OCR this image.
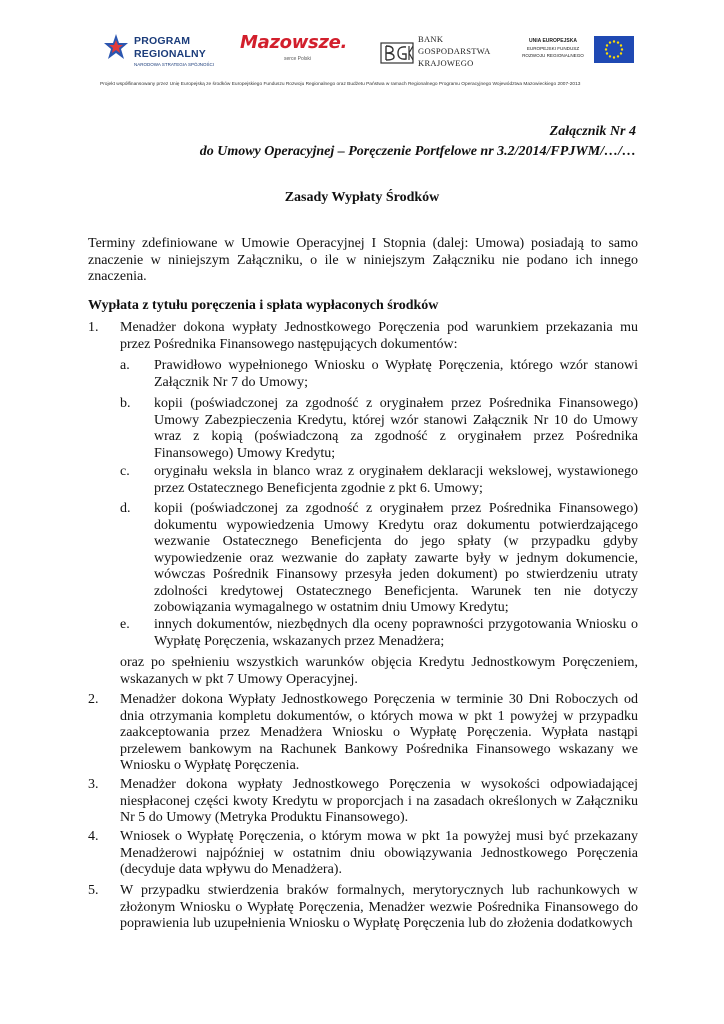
PROGRAM
REGIONALNY
NARODOWA STRATEGIA SPÓJNOŚCI
Mazowsze.
serce Polski
BANK
GOSPODARSTWA
KRAJOWEGO
UNIA EUROPEJSKA
EUROPEJSKI FUNDUSZ
ROZWOJU REGIONALNEGO
Projekt współfinansowany przez Unię Europejską ze środków Europejskiego Funduszu Rozwoju Regionalnego oraz Budżetu Państwa w ramach Regionalnego Programu Operacyjnego Województwa Mazowieckiego 2007-2013
Załącznik Nr 4
do Umowy Operacyjnej – Poręczenie Portfelowe nr 3.2/2014/FPJWM/…/…
Zasady Wypłaty Środków
Terminy zdefiniowane w Umowie Operacyjnej I Stopnia (dalej: Umowa) posiadają to samo znaczenie w niniejszym Załączniku, o ile w niniejszym Załączniku nie podano ich innego znaczenia.
Wypłata z tytułu poręczenia i spłata wypłaconych środków
1. Menadżer dokona wypłaty Jednostkowego Poręczenia pod warunkiem przekazania mu przez Pośrednika Finansowego następujących dokumentów:
a. Prawidłowo wypełnionego Wniosku o Wypłatę Poręczenia, którego wzór stanowi Załącznik Nr 7 do Umowy;
b. kopii (poświadczonej za zgodność z oryginałem przez Pośrednika Finansowego) Umowy Zabezpieczenia Kredytu, której wzór stanowi Załącznik Nr 10 do Umowy wraz z kopią (poświadczoną za zgodność z oryginałem przez Pośrednika Finansowego) Umowy Kredytu;
c. oryginału weksla in blanco wraz z oryginałem deklaracji wekslowej, wystawionego przez Ostatecznego Beneficjenta zgodnie z pkt 6. Umowy;
d. kopii (poświadczonej za zgodność z oryginałem przez Pośrednika Finansowego) dokumentu wypowiedzenia Umowy Kredytu oraz dokumentu potwierdzającego wezwanie Ostatecznego Beneficjenta do jego spłaty (w przypadku gdyby wypowiedzenie oraz wezwanie do zapłaty zawarte były w jednym dokumencie, wówczas Pośrednik Finansowy przesyła jeden dokument) po stwierdzeniu utraty zdolności kredytowej Ostatecznego Beneficjenta. Warunek ten nie dotyczy zobowiązania wymagalnego w ostatnim dniu Umowy Kredytu;
e. innych dokumentów, niezbędnych dla oceny poprawności przygotowania Wniosku o Wypłatę Poręczenia, wskazanych przez Menadżera;
oraz po spełnieniu wszystkich warunków objęcia Kredytu Jednostkowym Poręczeniem, wskazanych w pkt 7 Umowy Operacyjnej.
2. Menadżer dokona Wypłaty Jednostkowego Poręczenia w terminie 30 Dni Roboczych od dnia otrzymania kompletu dokumentów, o których mowa w pkt 1 powyżej w przypadku zaakceptowania przez Menadżera Wniosku o Wypłatę Poręczenia. Wypłata nastąpi przelewem bankowym na Rachunek Bankowy Pośrednika Finansowego wskazany we Wniosku o Wypłatę Poręczenia.
3. Menadżer dokona wypłaty Jednostkowego Poręczenia w wysokości odpowiadającej niespłaconej części kwoty Kredytu w proporcjach i na zasadach określonych w Załączniku Nr 5 do Umowy (Metryka Produktu Finansowego).
4. Wniosek o Wypłatę Poręczenia, o którym mowa w pkt 1a powyżej musi być przekazany Menadżerowi najpóźniej w ostatnim dniu obowiązywania Jednostkowego Poręczenia (decyduje data wpływu do Menadżera).
5. W przypadku stwierdzenia braków formalnych, merytorycznych lub rachunkowych w złożonym Wniosku o Wypłatę Poręczenia, Menadżer wezwie Pośrednika Finansowego do poprawienia lub uzupełnienia Wniosku o Wypłatę Poręczenia lub do złożenia dodatkowych
